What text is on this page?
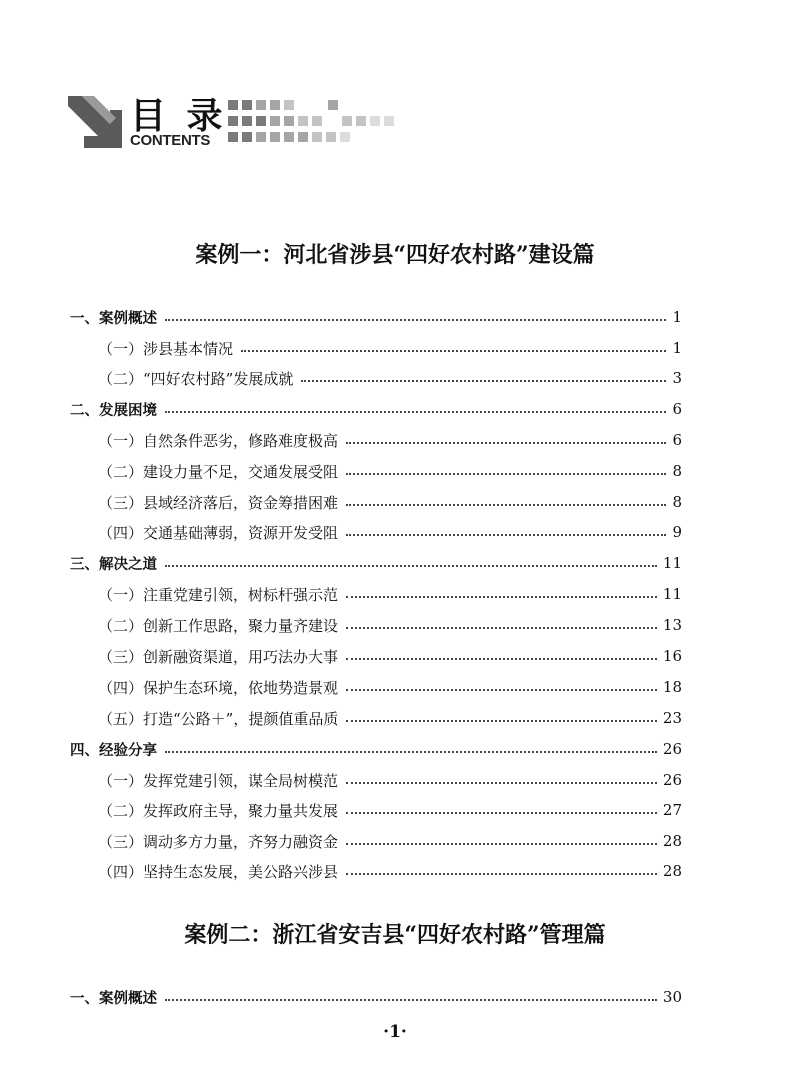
目 录
CONTENTS
案例一：河北省涉县“四好农村路”建设篇
一、案例概述	1
（一）涉县基本情况	1
（二）“四好农村路”发展成就	3
二、发展困境	6
（一）自然条件恶劣，修路难度极高	6
（二）建设力量不足，交通发展受阻	8
（三）县域经济落后，资金筹措困难	8
（四）交通基础薄弱，资源开发受阻	9
三、解决之道	11
（一）注重党建引领，树标杆强示范	11
（二）创新工作思路，聚力量齐建设	13
（三）创新融资渠道，用巧法办大事	16
（四）保护生态环境，依地势造景观	18
（五）打造“公路＋”，提颜值重品质	23
四、经验分享	26
（一）发挥党建引领，谋全局树模范	26
（二）发挥政府主导，聚力量共发展	27
（三）调动多方力量，齐努力融资金	28
（四）坚持生态发展，美公路兴涉县	28
案例二：浙江省安吉县“四好农村路”管理篇
一、案例概述	30
·1·
